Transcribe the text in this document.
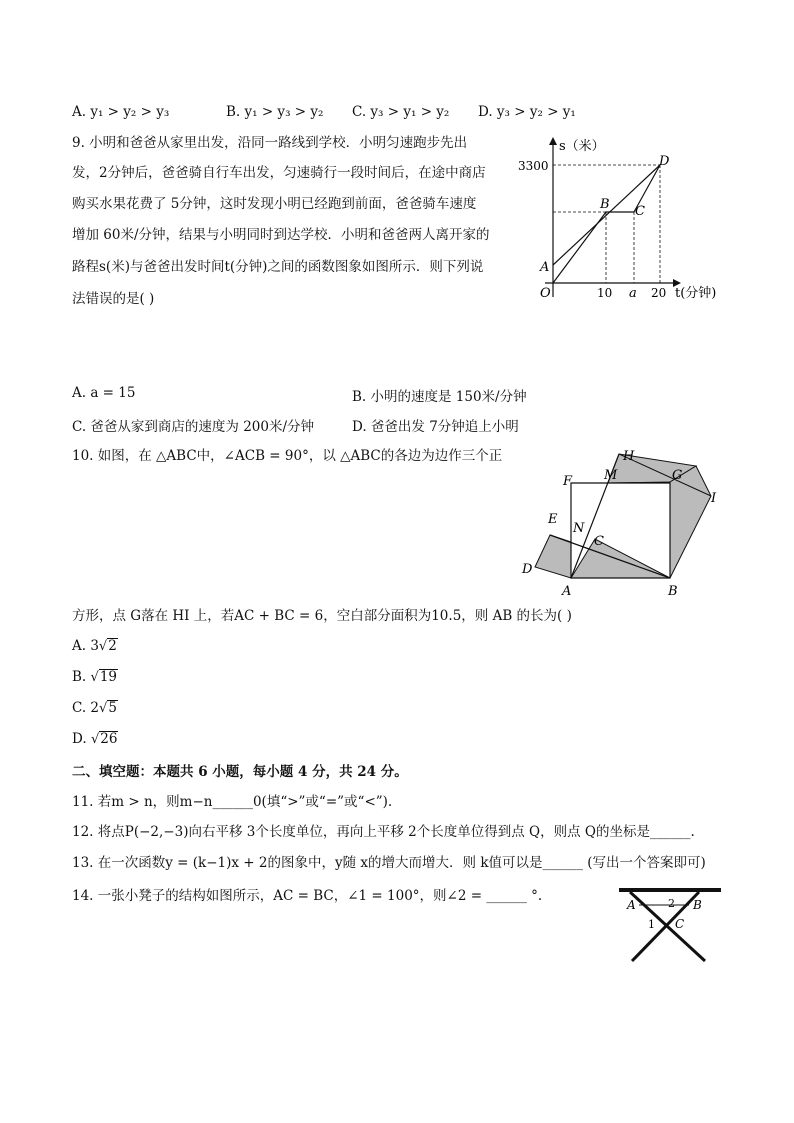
A. y₁ > y₂ > y₃	B. y₁ > y₃ > y₂ C. y₃ > y₁ > y₂ D. y₃ > y₂ > y₁
9. 小明和爸爸从家里出发，沿同一路线到学校．小明匀速跑步先出
发，2分钟后，爸爸骑自行车出发，匀速骑行一段时间后，在途中商店
购买水果花费了 5分钟，这时发现小明已经跑到前面，爸爸骑车速度
增加 60米/分钟，结果与小明同时到达学校．小明和爸爸两人离开家的
路程s(米)与爸爸出发时间t(分钟)之间的函数图象如图所示．则下列说
法错误的是( )
s（米）
3300
10 a 20 t(分钟)
O
A
B C
D
A. a = 15	B. 小明的速度是 150米/分钟
C. 爸爸从家到商店的速度为 200米/分钟	D. 爸爸出发 7分钟追上小明
10. 如图，在 △ABC中，∠ACB = 90°，以 △ABC的各边为边作三个正	H
M	G
F
I
E
N
C
D
A	B
方形，点 G落在 HI 上，若AC + BC = 6，空白部分面积为10.5，则 AB 的长为( )
A. 3√2
B. √19
C. 2√5
D. √26
二、填空题：本题共 6 小题，每小题 4 分，共 24 分。
11. 若m > n，则m−n______0(填“>”或“=”或“<”).
12. 将点P(−2,−3)向右平移 3个长度单位，再向上平移 2个长度单位得到点 Q，则点 Q的坐标是______.
13. 在一次函数y = (k−1)x + 2的图象中，y随 x的增大而增大．则 k值可以是______ (写出一个答案即可)
14. 一张小凳子的结构如图所示，AC = BC，∠1 = 100°，则∠2 = ______ °.
A	2 B
1 C
